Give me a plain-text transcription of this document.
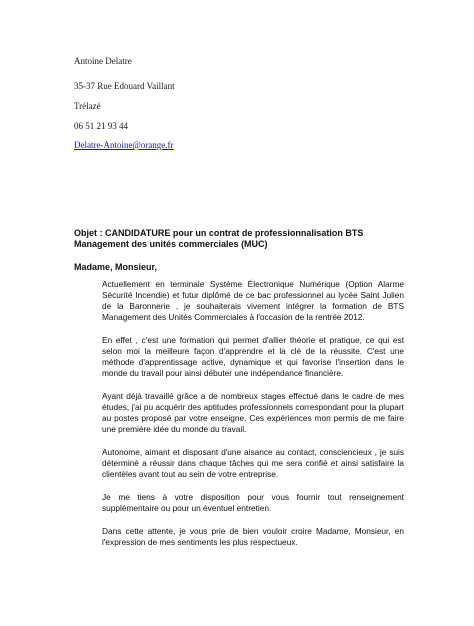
Antoine Delatre
35-37 Rue Edouard Vaillant
Trélazé
06 51 21 93 44
Delatre-Antoine@orange.fr
Objet : CANDIDATURE pour un contrat de professionnalisation BTS
Management des unités commerciales (MUC)
Madame, Monsieur,

Actuellement en terminale Système Électronique Numérique (Option Alarme Sécurité Incendie) et futur diplômé de ce bac professionnel au lycée Saint Julien de la Baronnerie , je souhaiterais vivement intégrer la formation de BTS Management des Unités Commerciales à l'occasion de la rentrée 2012.

En effet , c'est une formation qui permet d'allier théorie et pratique, ce qui est selon moi la meilleure façon d'apprendre et la clé de la réussite. C'est une méthode d'apprentissage active, dynamique et qui favorise l'insertion dans le monde du travail pour ainsi débuter une indépendance financière.

Ayant déjà travaillé grâce a de nombreux stages effectué dans le cadre de mes études, j'ai pu acquérir des aptitudes professionnels correspondant pour la plupart au postes proposé par votre enseigne. Ces expériences mon permis de me faire une première idée du monde du travail.

Autonome, aimant et disposant d'une aisance au contact, consciencieux , je suis déterminé a réussir dans chaque tâches qui me sera confié et ainsi satisfaire la clientèles avant tout au sein de votre entreprise.

Je me tiens à votre disposition pour vous fournir tout renseignement supplémentaire ou pour un éventuel entretien.

Dans cette attente, je vous prie de bien vouloir croire Madame, Monsieur, en l'expression de mes sentiments les plus respectueux.
